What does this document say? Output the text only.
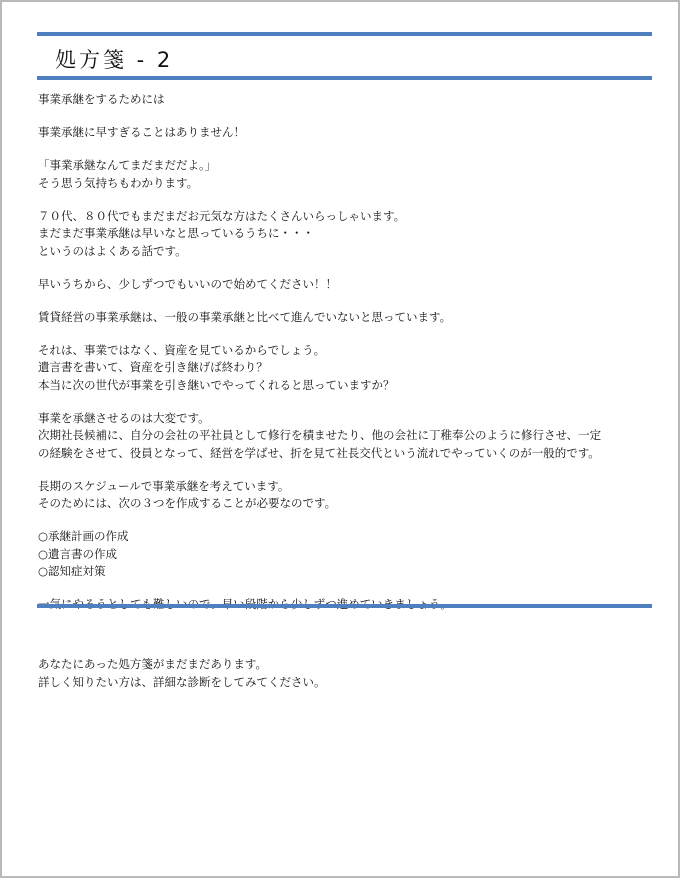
処方箋 - 2

事業承継をするためには

事業承継に早すぎることはありません！

「事業承継なんてまだまだだよ。」
そう思う気持ちもわかります。

７０代、８０代でもまだまだお元気な方はたくさんいらっしゃいます。
まだまだ事業承継は早いなと思っているうちに・・・
というのはよくある話です。

早いうちから、少しずつでもいいので始めてください！！

賃貸経営の事業承継は、一般の事業承継と比べて進んでいないと思っています。

それは、事業ではなく、資産を見ているからでしょう。
遺言書を書いて、資産を引き継げば終わり？
本当に次の世代が事業を引き継いでやってくれると思っていますか？

事業を承継させるのは大変です。
次期社長候補に、自分の会社の平社員として修行を積ませたり、他の会社に丁稚奉公のように修行させ、一定
の経験をさせて、役員となって、経営を学ばせ、折を見て社長交代という流れでやっていくのが一般的です。

長期のスケジュールで事業承継を考えています。
そのためには、次の３つを作成することが必要なのです。

○承継計画の作成
○遺言書の作成
○認知症対策

あなたにあった処方箋がまだまだあります。
詳しく知りたい方は、詳細な診断をしてみてください。
